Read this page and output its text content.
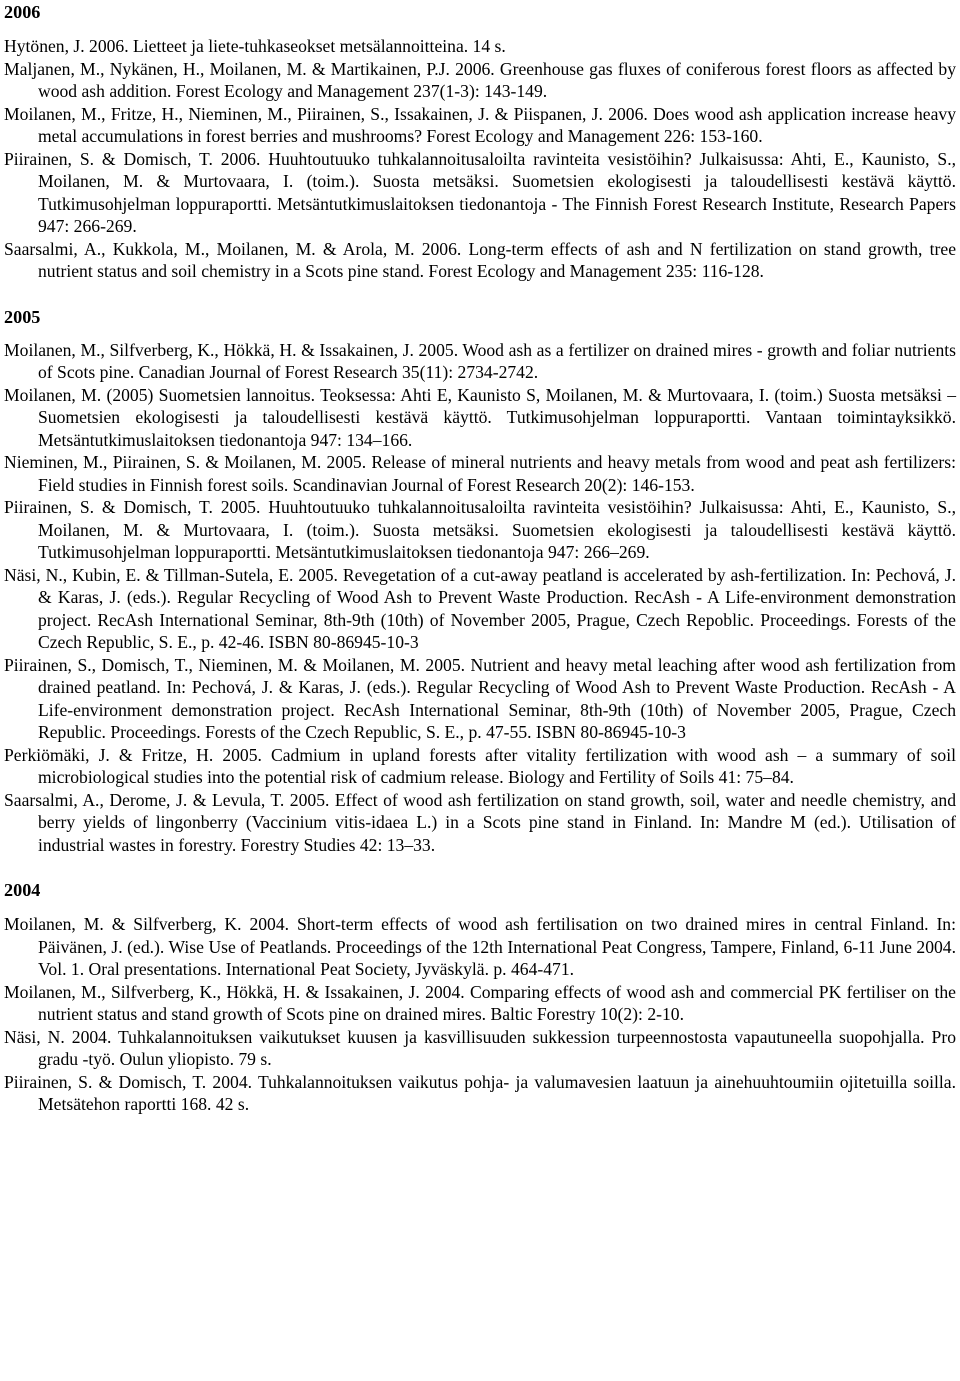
2006

Hytönen, J. 2006. Lietteet ja liete-tuhkaseokset metsälannoitteina. 14 s.

Maljanen, M., Nykänen, H., Moilanen, M. & Martikainen, P.J. 2006. Greenhouse gas fluxes of coniferous forest floors as affected by wood ash addition. Forest Ecology and Management 237(1-3): 143-149.

Moilanen, M., Fritze, H., Nieminen, M., Piirainen, S., Issakainen, J. & Piispanen, J. 2006. Does wood ash application increase heavy metal accumulations in forest berries and mushrooms? Forest Ecology and Management 226: 153-160.

Piirainen, S. & Domisch, T. 2006. Huuhtoutuuko tuhkalannoitusaloilta ravinteita vesistöihin? Julkaisussa: Ahti, E., Kaunisto, S., Moilanen, M. & Murtovaara, I. (toim.). Suosta metsäksi. Suometsien ekologisesti ja taloudellisesti kestävä käyttö. Tutkimusohjelman loppuraportti. Metsäntutkimuslaitoksen tiedonantoja - The Finnish Forest Research Institute, Research Papers 947: 266-269.

Saarsalmi, A., Kukkola, M., Moilanen, M. & Arola, M. 2006. Long-term effects of ash and N fertilization on stand growth, tree nutrient status and soil chemistry in a Scots pine stand. Forest Ecology and Management 235: 116-128.

2005

Moilanen, M., Silfverberg, K., Hökkä, H. & Issakainen, J. 2005. Wood ash as a fertilizer on drained mires - growth and foliar nutrients of Scots pine. Canadian Journal of Forest Research 35(11): 2734-2742.

Moilanen, M. (2005) Suometsien lannoitus. Teoksessa: Ahti E, Kaunisto S, Moilanen, M. & Murtovaara, I. (toim.) Suosta metsäksi – Suometsien ekologisesti ja taloudellisesti kestävä käyttö. Tutkimusohjelman loppuraportti. Vantaan toimintayksikkö. Metsäntutkimuslaitoksen tiedonantoja 947: 134–166.

Nieminen, M., Piirainen, S. & Moilanen, M. 2005. Release of mineral nutrients and heavy metals from wood and peat ash fertilizers: Field studies in Finnish forest soils. Scandinavian Journal of Forest Research 20(2): 146-153.

Piirainen, S. & Domisch, T. 2005. Huuhtoutuuko tuhkalannoitusaloilta ravinteita vesistöihin? Julkaisussa: Ahti, E., Kaunisto, S., Moilanen, M. & Murtovaara, I. (toim.). Suosta metsäksi. Suometsien ekologisesti ja taloudellisesti kestävä käyttö. Tutkimusohjelman loppuraportti. Metsäntutkimuslaitoksen tiedonantoja 947: 266–269.

Näsi, N., Kubin, E. & Tillman-Sutela, E. 2005. Revegetation of a cut-away peatland is accelerated by ash-fertilization. In: Pechová, J. & Karas, J. (eds.). Regular Recycling of Wood Ash to Prevent Waste Production. RecAsh - A Life-environment demonstration project. RecAsh International Seminar, 8th-9th (10th) of November 2005, Prague, Czech Repoblic. Proceedings. Forests of the Czech Republic, S. E., p. 42-46. ISBN 80-86945-10-3

Piirainen, S., Domisch, T., Nieminen, M. & Moilanen, M. 2005. Nutrient and heavy metal leaching after wood ash fertilization from drained peatland. In: Pechová, J. & Karas, J. (eds.). Regular Recycling of Wood Ash to Prevent Waste Production. RecAsh - A Life-environment demonstration project. RecAsh International Seminar, 8th-9th (10th) of November 2005, Prague, Czech Republic. Proceedings. Forests of the Czech Republic, S. E., p. 47-55. ISBN 80-86945-10-3

Perkiömäki, J. & Fritze, H. 2005. Cadmium in upland forests after vitality fertilization with wood ash – a summary of soil microbiological studies into the potential risk of cadmium release. Biology and Fertility of Soils 41: 75–84.

Saarsalmi, A., Derome, J. & Levula, T. 2005. Effect of wood ash fertilization on stand growth, soil, water and needle chemistry, and berry yields of lingonberry (Vaccinium vitis-idaea L.) in a Scots pine stand in Finland. In: Mandre M (ed.). Utilisation of industrial wastes in forestry. Forestry Studies 42: 13–33.

2004

Moilanen, M. & Silfverberg, K. 2004. Short-term effects of wood ash fertilisation on two drained mires in central Finland. In: Päivänen, J. (ed.). Wise Use of Peatlands. Proceedings of the 12th International Peat Congress, Tampere, Finland, 6-11 June 2004. Vol. 1. Oral presentations. International Peat Society, Jyväskylä. p. 464-471.

Moilanen, M., Silfverberg, K., Hökkä, H. & Issakainen, J. 2004. Comparing effects of wood ash and commercial PK fertiliser on the nutrient status and stand growth of Scots pine on drained mires. Baltic Forestry 10(2): 2-10.

Näsi, N. 2004. Tuhkalannoituksen vaikutukset kuusen ja kasvillisuuden sukkession turpeennostosta vapautuneella suopohjalla. Pro gradu -työ. Oulun yliopisto. 79 s.

Piirainen, S. & Domisch, T. 2004. Tuhkalannoituksen vaikutus pohja- ja valumavesien laatuun ja ainehuuhtoumiin ojitetuilla soilla. Metsätehon raportti 168. 42 s.
